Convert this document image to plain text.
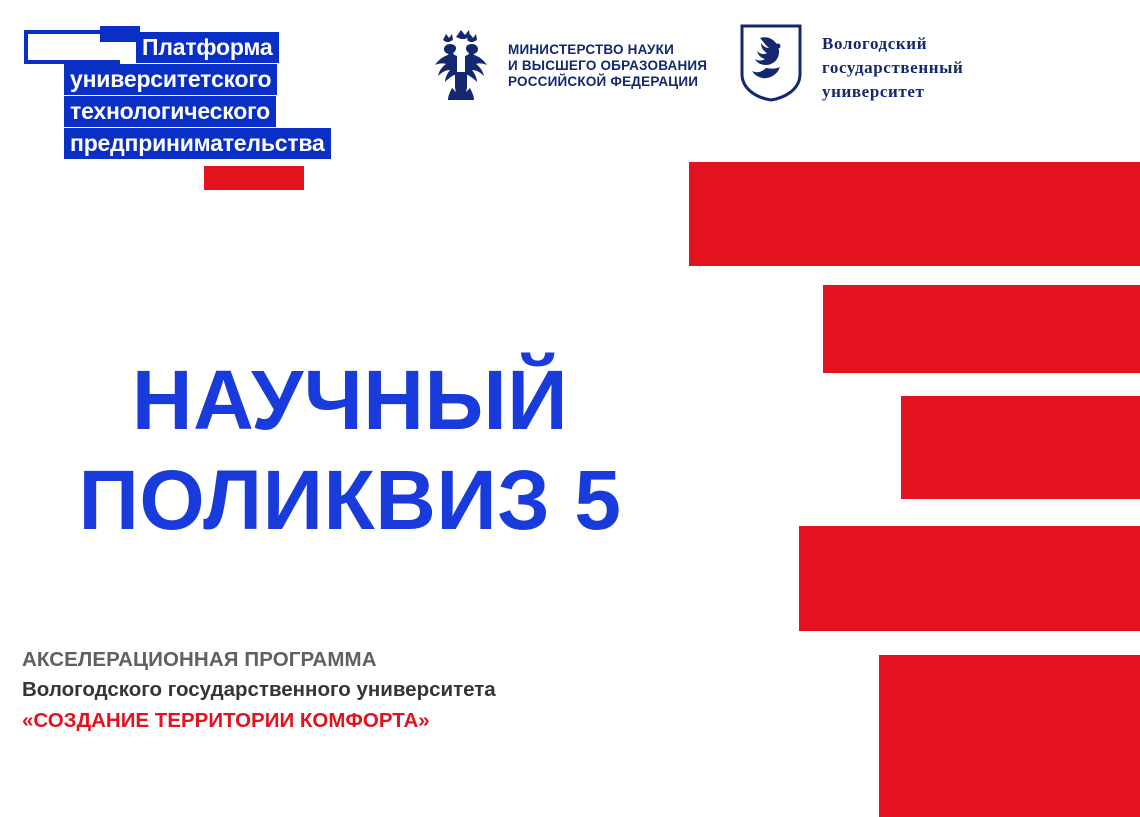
Платформа
университетского
технологического
предпринимательства
МИНИСТЕРСТВО НАУКИ
И ВЫСШЕГО ОБРАЗОВАНИЯ
РОССИЙСКОЙ ФЕДЕРАЦИИ
Вологодский
государственный
университет
НАУЧНЫЙ
ПОЛИКВИЗ 5
АКСЕЛЕРАЦИОННАЯ ПРОГРАММА
Вологодского государственного университета
«СОЗДАНИЕ ТЕРРИТОРИИ КОМФОРТА»
